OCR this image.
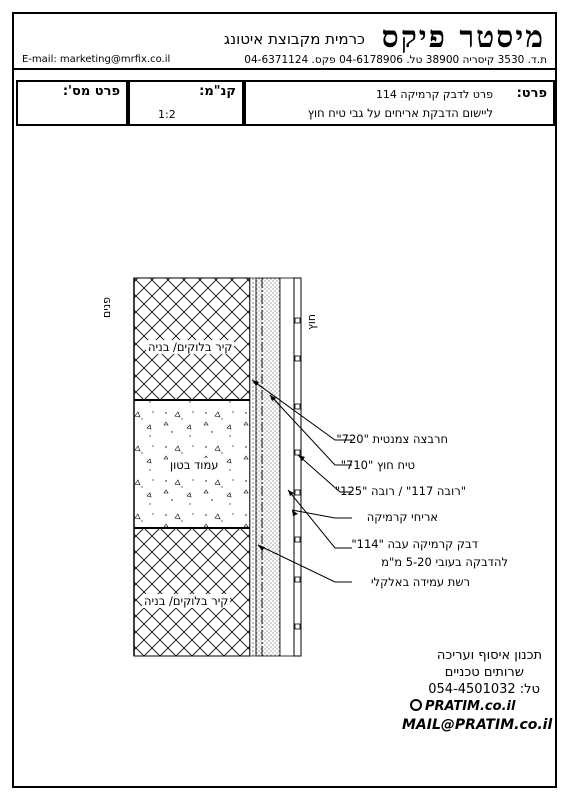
מיסטר פיקס
כרמית מקבוצת איטונג
ת.ד. 3530 קיסריה 38900 טל. 04-6178906 פקס. 04-6371124
E-mail: marketing@mrfix.co.il
פרט מס':	קנ"מ:
1:2
פרט:
פרט לדבק קרמיקה 114
ליישום הדבקת אריחים על גבי טיח חוץ
פנים
חוץ
קיר בלוקים/ בניה
עמוד בטון
קיר בלוקים/ בניה
חרבצה צמנטית "720"
טיח חוץ "710"
"רובה 117" / רובה "125"
אריחי קרמיקה
דבק קרמיקה עבה "114"
להדבקה בעובי 5-20 מ"מ
רשת עמידה באלקלי
תכנון איסוף ועריכה
שרותים טכניים
טל: 054-4501032
PRATIM.co.il
MAIL@PRATIM.co.il
